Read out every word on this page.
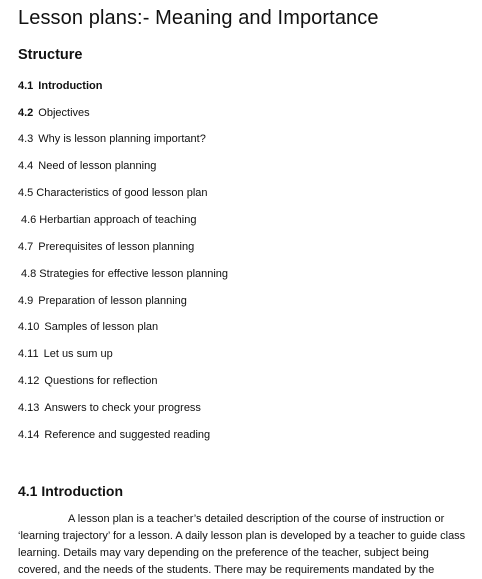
Lesson plans:- Meaning and Importance
Structure
4.1 Introduction
4.2 Objectives
4.3 Why is lesson planning important?
4.4 Need of lesson planning
4.5 Characteristics of good lesson plan
4.6 Herbartian approach of teaching
4.7 Prerequisites of lesson planning
4.8 Strategies for effective lesson planning
4.9 Preparation of lesson planning
4.10 Samples of lesson plan
4.11 Let us sum up
4.12 Questions for reflection
4.13 Answers to check your progress
4.14 Reference and suggested reading
4.1 Introduction
A lesson plan is a teacher’s detailed description of the course of instruction or
‘learning trajectory’ for a lesson. A daily lesson plan is developed by a teacher to guide class
learning. Details may vary depending on the preference of the teacher, subject being
covered, and the needs of the students. There may be requirements mandated by the
